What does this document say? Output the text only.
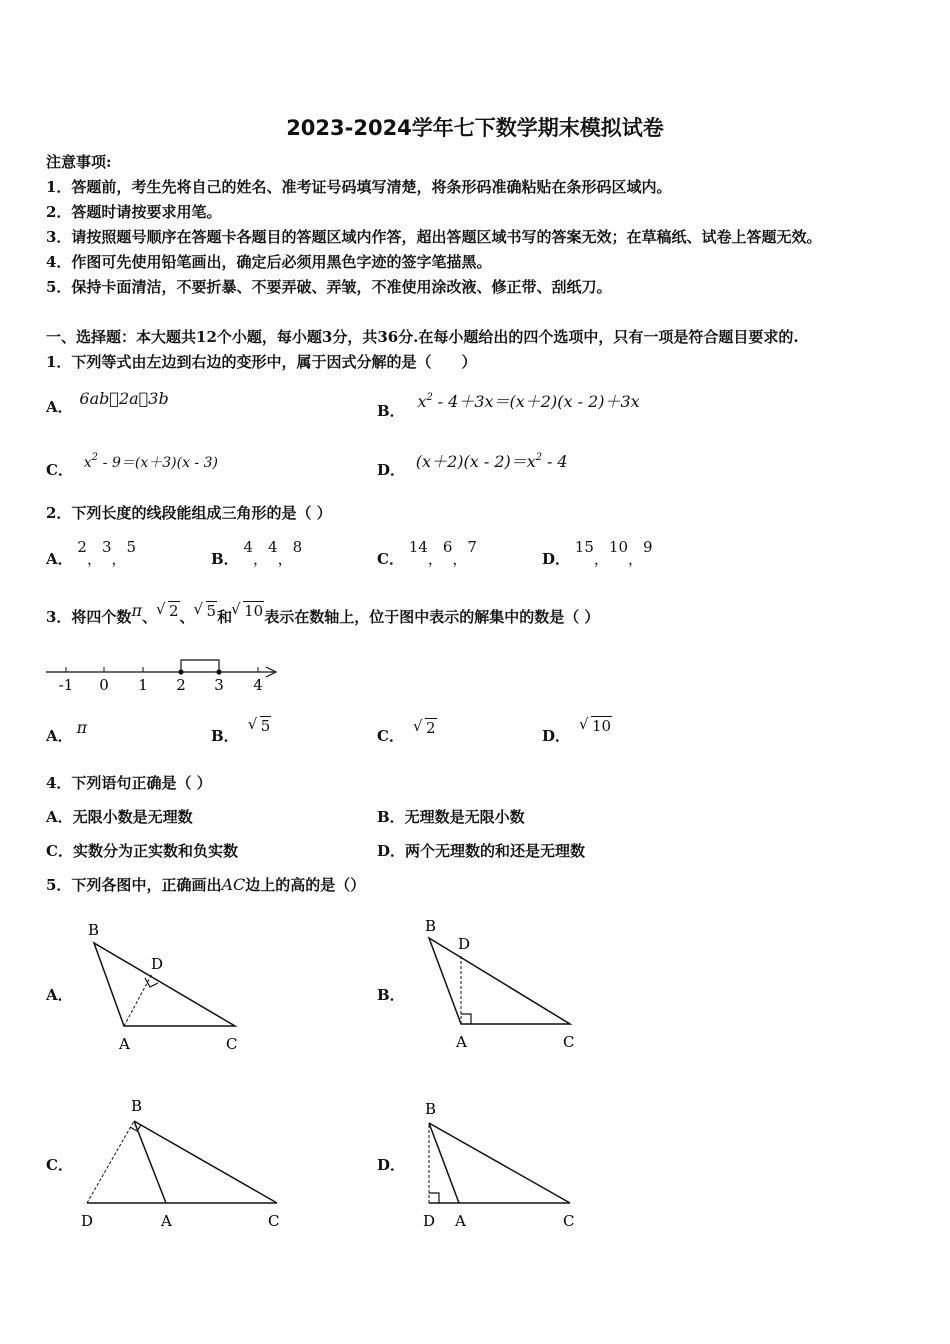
2023-2024学年七下数学期末模拟试卷
注意事项:
1．答题前，考生先将自己的姓名、准考证号码填写清楚，将条形码准确粘贴在条形码区域内。
2．答题时请按要求用笔。
3．请按照题号顺序在答题卡各题目的答题区域内作答，超出答题区域书写的答案无效；在草稿纸、试卷上答题无效。
4．作图可先使用铅笔画出，确定后必须用黑色字迹的签字笔描黑。
5．保持卡面清洁，不要折暴、不要弄破、弄皱，不准使用涂改液、修正带、刮纸刀。
一、选择题：本大题共12个小题，每小题3分，共36分.在每小题给出的四个选项中，只有一项是符合题目要求的.
1．下列等式由左边到右边的变形中，属于因式分解的是（　　）
A． 6ab＝2a⃞3b
B． $x^2 - 4+3x=(x+2)(x - 2)+3x$
C． $x^2 - 9=(x+3)(x - 3)$	D． $(x+2)(x - 2)=x^2 - 4$
2．下列长度的线段能组成三角形的是（ ）
A． 2，3，5
B． 4，4，8
C． 14，6，7
D． 15，10，9
3．将四个数π、 √ 2、 √ 5和 √ 10表示在数轴上，位于图中表示的解集中的数是（ ）
-1 0 1 2 3 4
A． π	B．√ 5
C． √ 2	D．√ 10
4．下列语句正确是（ ）
A．无限小数是无理数	B．无理数是无限小数
C．实数分为正实数和负实数	D．两个无理数的和还是无理数
5．下列各图中，正确画出AC边上的高的是（）
A．	B．
C．	D．
B
D
A	C
B
D
A	C
B
D	A	C
B
D A	C
